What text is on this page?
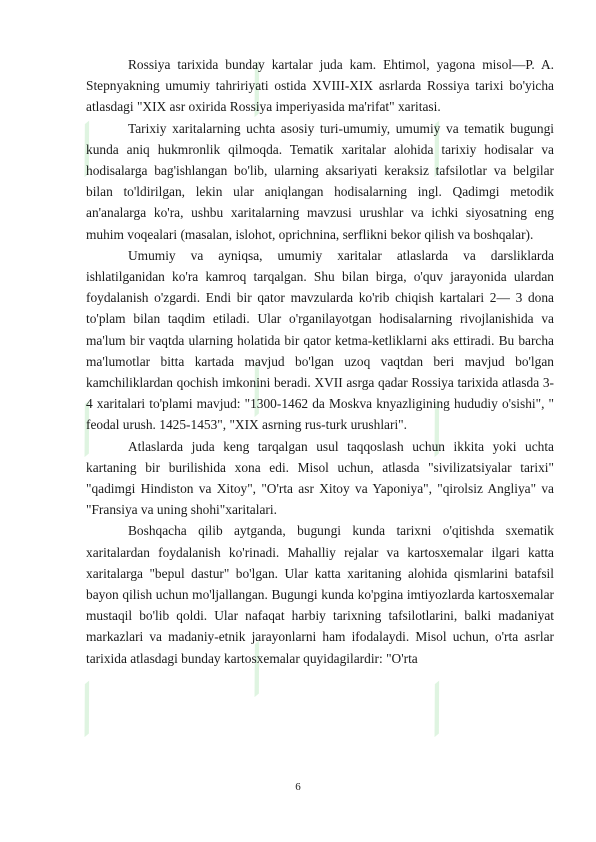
⟋
⟋
⟋
⟋
⟋
⟋
⟋
⟋
⟋

Rossiya tarixida bunday kartalar juda kam. Ehtimol, yagona misol—P. A. Stepnyakning umumiy tahririyati ostida XVIII-XIX asrlarda Rossiya tarixi bo'yicha atlasdagi "XIX asr oxirida Rossiya imperiyasida ma'rifat" xaritasi.

Tarixiy xaritalarning uchta asosiy turi-umumiy, umumiy va tematik bugungi kunda aniq hukmronlik qilmoqda. Tematik xaritalar alohida tarixiy hodisalar va hodisalarga bag'ishlangan bo'lib, ularning aksariyati keraksiz tafsilotlar va belgilar bilan to'ldirilgan, lekin ular aniqlangan hodisalarning ingl. Qadimgi metodik an'analarga ko'ra, ushbu xaritalarning mavzusi urushlar va ichki siyosatning eng muhim voqealari (masalan, islohot, oprichnina, serflikni bekor qilish va boshqalar).

Umumiy va ayniqsa, umumiy xaritalar atlaslarda va darsliklarda ishlatilganidan ko'ra kamroq tarqalgan. Shu bilan birga, o'quv jarayonida ulardan foydalanish o'zgardi. Endi bir qator mavzularda ko'rib chiqish kartalari 2— 3 dona to'plam bilan taqdim etiladi. Ular o'rganilayotgan hodisalarning rivojlanishida va ma'lum bir vaqtda ularning holatida bir qator ketma-ketliklarni aks ettiradi. Bu barcha ma'lumotlar bitta kartada mavjud bo'lgan uzoq vaqtdan beri mavjud bo'lgan kamchiliklardan qochish imkonini beradi. XVII asrga qadar Rossiya tarixida atlasda 3-4 xaritalari to'plami mavjud: "1300-1462 da Moskva knyazligining hududiy o'sishi", " feodal urush. 1425-1453", "XIX asrning rus-turk urushlari".

Atlaslarda juda keng tarqalgan usul taqqoslash uchun ikkita yoki uchta kartaning bir burilishida xona edi. Misol uchun, atlasda "sivilizatsiyalar tarixi" "qadimgi Hindiston va Xitoy", "O'rta asr Xitoy va Yaponiya", "qirolsiz Angliya" va "Fransiya va uning shohi"xaritalari.

Boshqacha qilib aytganda, bugungi kunda tarixni o'qitishda sxematik xaritalardan foydalanish ko'rinadi. Mahalliy rejalar va kartosxemalar ilgari katta xaritalarga "bepul dastur" bo'lgan. Ular katta xaritaning alohida qismlarini batafsil bayon qilish uchun mo'ljallangan. Bugungi kunda ko'pgina imtiyozlarda kartosxemalar mustaqil bo'lib qoldi. Ular nafaqat harbiy tarixning tafsilotlarini, balki madaniyat markazlari va madaniy-etnik jarayonlarni ham ifodalaydi. Misol uchun, o'rta asrlar tarixida atlasdagi bunday kartosxemalar quyidagilardir: "O'rta

6
